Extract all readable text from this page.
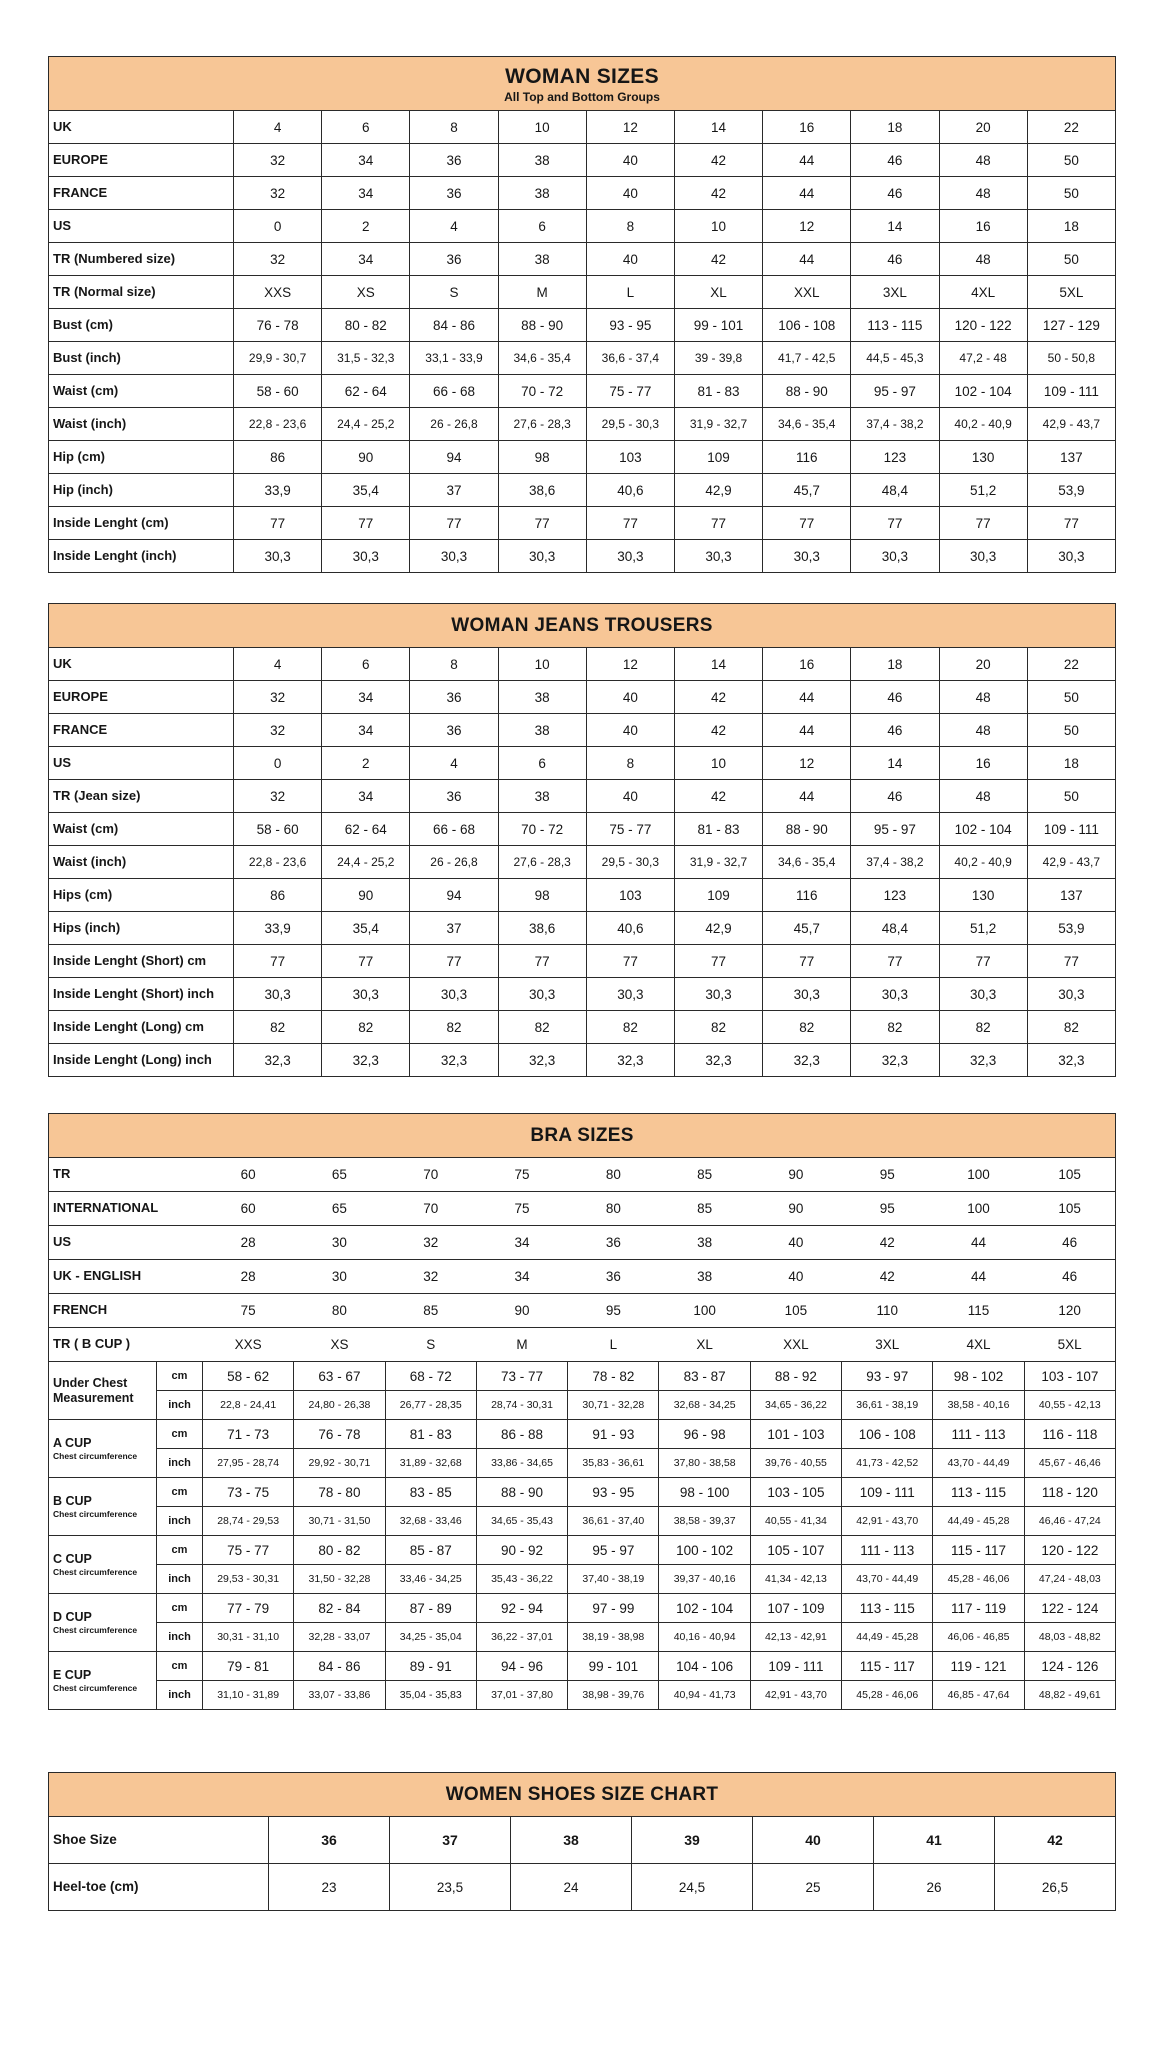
WOMAN SIZES
All Top and Bottom Groups
UK	4	6	8	10	12	14	16	18	20	22

EUROPE	32	34	36	38	40	42	44	46	48	50

FRANCE	32	34	36	38	40	42	44	46	48	50

US	0	2	4	6	8	10	12	14	16	18

TR (Numbered size)	32	34	36	38	40	42	44	46	48	50

TR (Normal size)	XXS	XS	S	M	L	XL	XXL	3XL	4XL	5XL

Bust (cm)	76 - 78	80 - 82	84 - 86	88 - 90	93 - 95	99 - 101	106 - 108	113 - 115	120 - 122	127 - 129

Bust (inch)	29,9 - 30,7	31,5 - 32,3	33,1 - 33,9	34,6 - 35,4	36,6 - 37,4	39 - 39,8	41,7 - 42,5	44,5 - 45,3	47,2 - 48	50 - 50,8

Waist (cm)	58 - 60	62 - 64	66 - 68	70 - 72	75 - 77	81 - 83	88 - 90	95 - 97	102 - 104	109 - 111

Waist (inch)	22,8 - 23,6	24,4 - 25,2	26 - 26,8	27,6 - 28,3	29,5 - 30,3	31,9 - 32,7	34,6 - 35,4	37,4 - 38,2	40,2 - 40,9	42,9 - 43,7

Hip (cm)	86	90	94	98	103	109	116	123	130	137

Hip (inch)	33,9	35,4	37	38,6	40,6	42,9	45,7	48,4	51,2	53,9

Inside Lenght (cm)	77	77	77	77	77	77	77	77	77	77

Inside Lenght (inch)	30,3	30,3	30,3	30,3	30,3	30,3	30,3	30,3	30,3	30,3
WOMAN JEANS TROUSERS
UK	4	6	8	10	12	14	16	18	20	22

EUROPE	32	34	36	38	40	42	44	46	48	50

FRANCE	32	34	36	38	40	42	44	46	48	50

US	0	2	4	6	8	10	12	14	16	18

TR (Jean size)	32	34	36	38	40	42	44	46	48	50

Waist (cm)	58 - 60	62 - 64	66 - 68	70 - 72	75 - 77	81 - 83	88 - 90	95 - 97	102 - 104	109 - 111

Waist (inch)	22,8 - 23,6	24,4 - 25,2	26 - 26,8	27,6 - 28,3	29,5 - 30,3	31,9 - 32,7	34,6 - 35,4	37,4 - 38,2	40,2 - 40,9	42,9 - 43,7

Hips (cm)	86	90	94	98	103	109	116	123	130	137

Hips (inch)	33,9	35,4	37	38,6	40,6	42,9	45,7	48,4	51,2	53,9

Inside Lenght (Short) cm	77	77	77	77	77	77	77	77	77	77

Inside Lenght (Short) inch	30,3	30,3	30,3	30,3	30,3	30,3	30,3	30,3	30,3	30,3

Inside Lenght (Long) cm	82	82	82	82	82	82	82	82	82	82

Inside Lenght (Long) inch	32,3	32,3	32,3	32,3	32,3	32,3	32,3	32,3	32,3	32,3
BRA SIZES
TR		60	65	70	75	80	85	90	95	100	105

INTERNATIONAL		60	65	70	75	80	85	90	95	100	105

US		28	30	32	34	36	38	40	42	44	46

UK - ENGLISH		28	30	32	34	36	38	40	42	44	46

FRENCH		75	80	85	90	95	100	105	110	115	120

TR ( B CUP )		XXS	XS	S	M	L	XL	XXL	3XL	4XL	5XL

Under Chest Measurement	cm	58 - 62	63 - 67	68 - 72	73 - 77	78 - 82	83 - 87	88 - 92	93 - 97	98 - 102	103 - 107
	inch	22,8 - 24,41	24,80 - 26,38	26,77 - 28,35	28,74 - 30,31	30,71 - 32,28	32,68 - 34,25	34,65 - 36,22	36,61 - 38,19	38,58 - 40,16	40,55 - 42,13

A CUP
Chest circumference	cm	71 - 73	76 - 78	81 - 83	86 - 88	91 - 93	96 - 98	101 - 103	106 - 108	111 - 113	116 - 118
	inch	27,95 - 28,74	29,92 - 30,71	31,89 - 32,68	33,86 - 34,65	35,83 - 36,61	37,80 - 38,58	39,76 - 40,55	41,73 - 42,52	43,70 - 44,49	45,67 - 46,46

B CUP
Chest circumference	cm	73 - 75	78 - 80	83 - 85	88 - 90	93 - 95	98 - 100	103 - 105	109 - 111	113 - 115	118 - 120
	inch	28,74 - 29,53	30,71 - 31,50	32,68 - 33,46	34,65 - 35,43	36,61 - 37,40	38,58 - 39,37	40,55 - 41,34	42,91 - 43,70	44,49 - 45,28	46,46 - 47,24

C CUP
Chest circumference	cm	75 - 77	80 - 82	85 - 87	90 - 92	95 - 97	100 - 102	105 - 107	111 - 113	115 - 117	120 - 122
	inch	29,53 - 30,31	31,50 - 32,28	33,46 - 34,25	35,43 - 36,22	37,40 - 38,19	39,37 - 40,16	41,34 - 42,13	43,70 - 44,49	45,28 - 46,06	47,24 - 48,03

D CUP
Chest circumference	cm	77 - 79	82 - 84	87 - 89	92 - 94	97 - 99	102 - 104	107 - 109	113 - 115	117 - 119	122 - 124
	inch	30,31 - 31,10	32,28 - 33,07	34,25 - 35,04	36,22 - 37,01	38,19 - 38,98	40,16 - 40,94	42,13 - 42,91	44,49 - 45,28	46,06 - 46,85	48,03 - 48,82

E CUP
Chest circumference	cm	79 - 81	84 - 86	89 - 91	94 - 96	99 - 101	104 - 106	109 - 111	115 - 117	119 - 121	124 - 126
	inch	31,10 - 31,89	33,07 - 33,86	35,04 - 35,83	37,01 - 37,80	38,98 - 39,76	40,94 - 41,73	42,91 - 43,70	45,28 - 46,06	46,85 - 47,64	48,82 - 49,61
WOMEN SHOES SIZE CHART
Shoe Size	36	37	38	39	40	41	42

Heel-toe (cm)	23	23,5	24	24,5	25	26	26,5
